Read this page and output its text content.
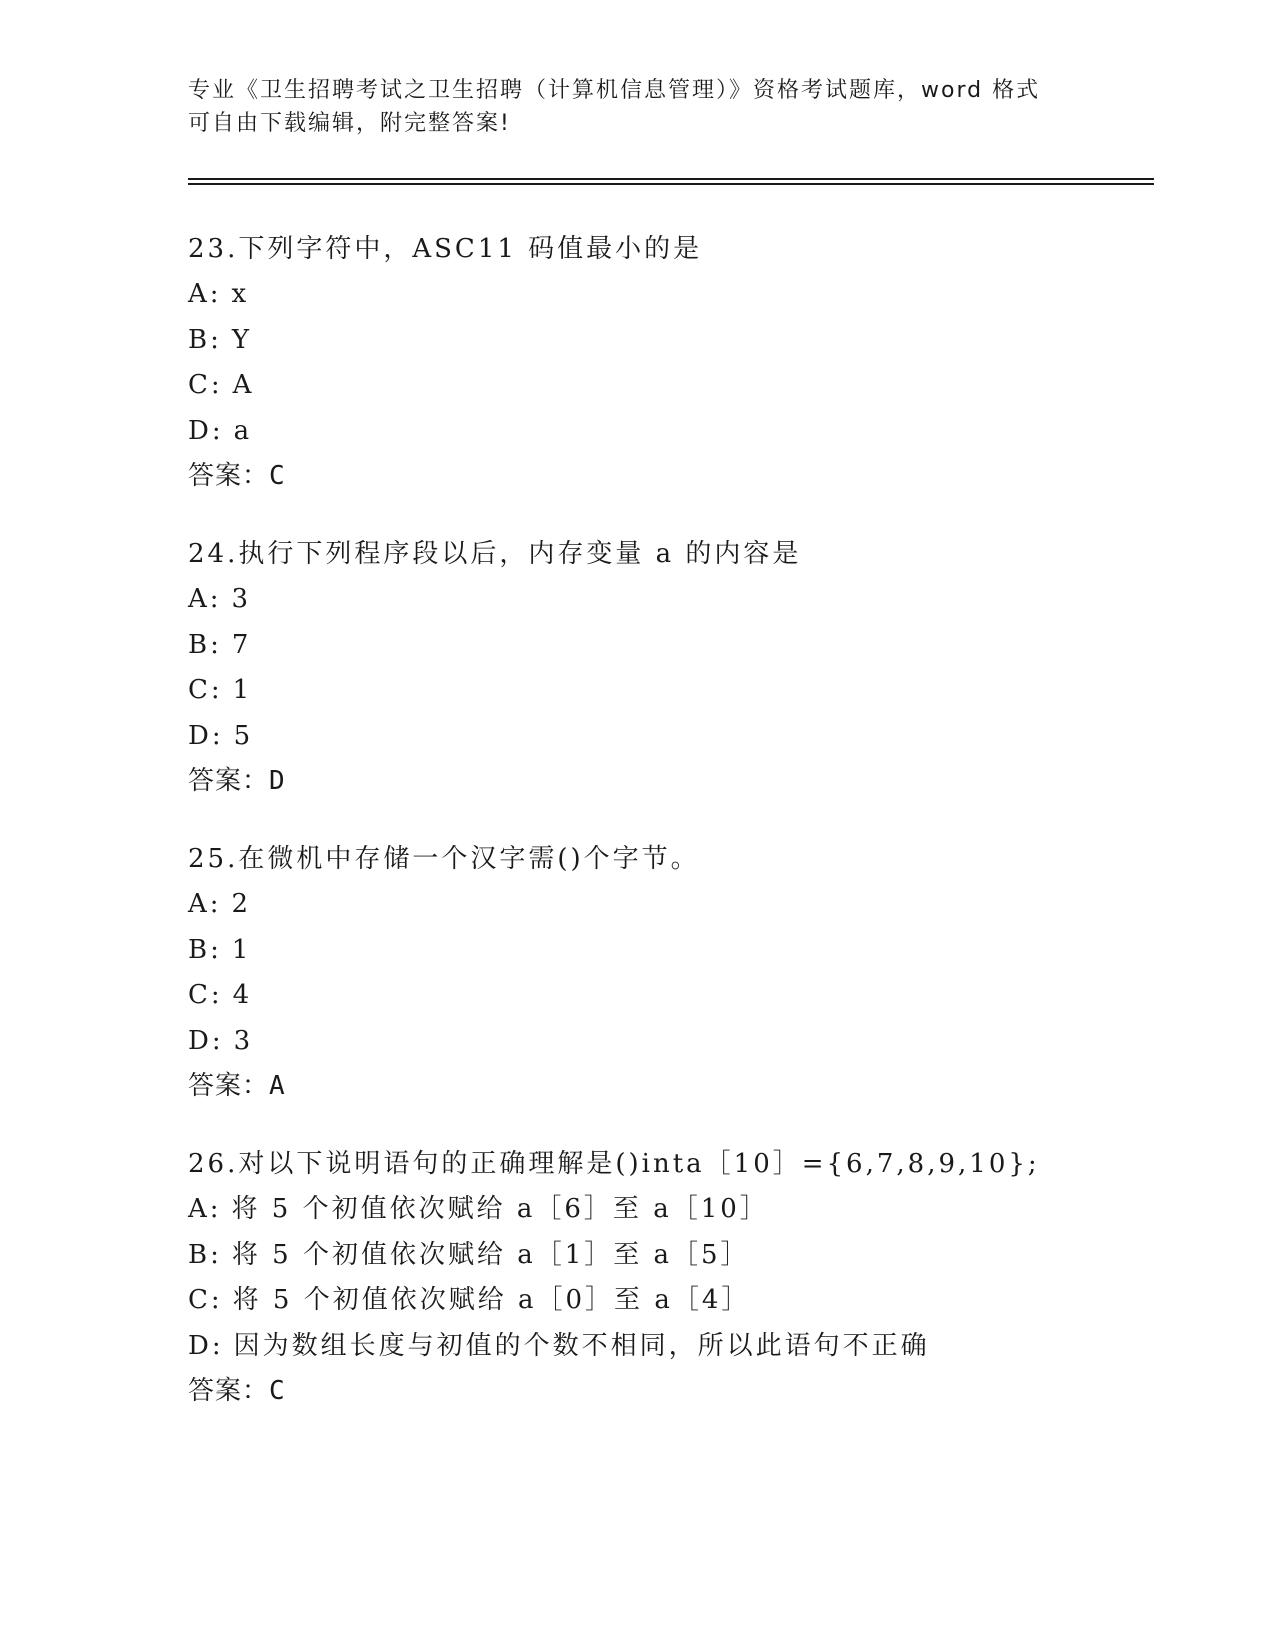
专业《卫生招聘考试之卫生招聘（计算机信息管理）》资格考试题库，word 格式

可自由下载编辑，附完整答案!

23.下列字符中，ASC11 码值最小的是
A: x
B: Y
C: A
D: a
答案：C
24.执行下列程序段以后，内存变量 a 的内容是
A: 3
B: 7
C: 1
D: 5
答案：D
25.在微机中存储一个汉字需()个字节。
A: 2
B: 1
C: 4
D: 3
答案：A
26.对以下说明语句的正确理解是()inta［10］={6,7,8,9,10};
A: 将 5 个初值依次赋给 a［6］至 a［10］
B: 将 5 个初值依次赋给 a［1］至 a［5］
C: 将 5 个初值依次赋给 a［0］至 a［4］
D: 因为数组长度与初值的个数不相同，所以此语句不正确
答案：C
